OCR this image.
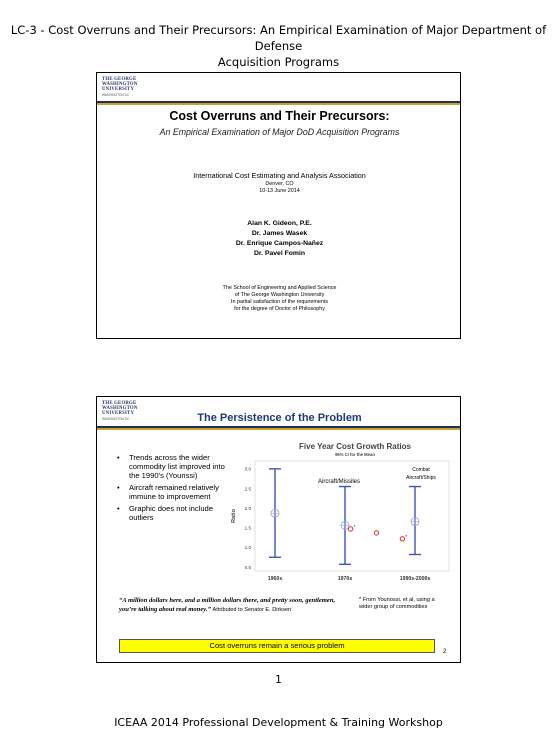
LC-3 - Cost Overruns and Their Precursors: An Empirical Examination of Major Department of Defense
Acquisition Programs
THE GEORGE
WASHINGTON
UNIVERSITY
WASHINGTON DC
Cost Overruns and Their Precursors:
An Empirical Examination of Major DoD Acquisition Programs
International Cost Estimating and Analysis Association
Denver, CO
10-13 June 2014
Alan K. Gideon, P.E.
Dr. James Wasek
Dr. Enrique Campos-Nañez
Dr. Pavel Fomin
The School of Engineering and Applied Science
of The George Washington University
In partial satisfaction of the requirements
for the degree of Doctor of Philosophy
THE GEORGE
WASHINGTON
UNIVERSITY
WASHINGTON DC	The Persistence of the Problem
• Trends across the wider commodity list improved into the 1990’s (Younssi)
• Aircraft remained relatively immune to improvement
• Graphic does not include outliers
Five Year Cost Growth Ratios
95% CI for the Mean
Ratio
0.5
1.0
1.5
2.0
2.5
3.0
1960s	1970s	1990s-2000s
*
*
Aircraft/Missiles
Combat
Aircraft/Ships
“A million dollars here, and a million dollars there, and pretty soon, gentlemen, you’re talking about real money.” Attributed to Senator E. Dirksen
* From Younossi, et al, using a wider group of commodities
Cost overruns remain a serious problem
2
1
ICEAA 2014 Professional Development & Training Workshop
